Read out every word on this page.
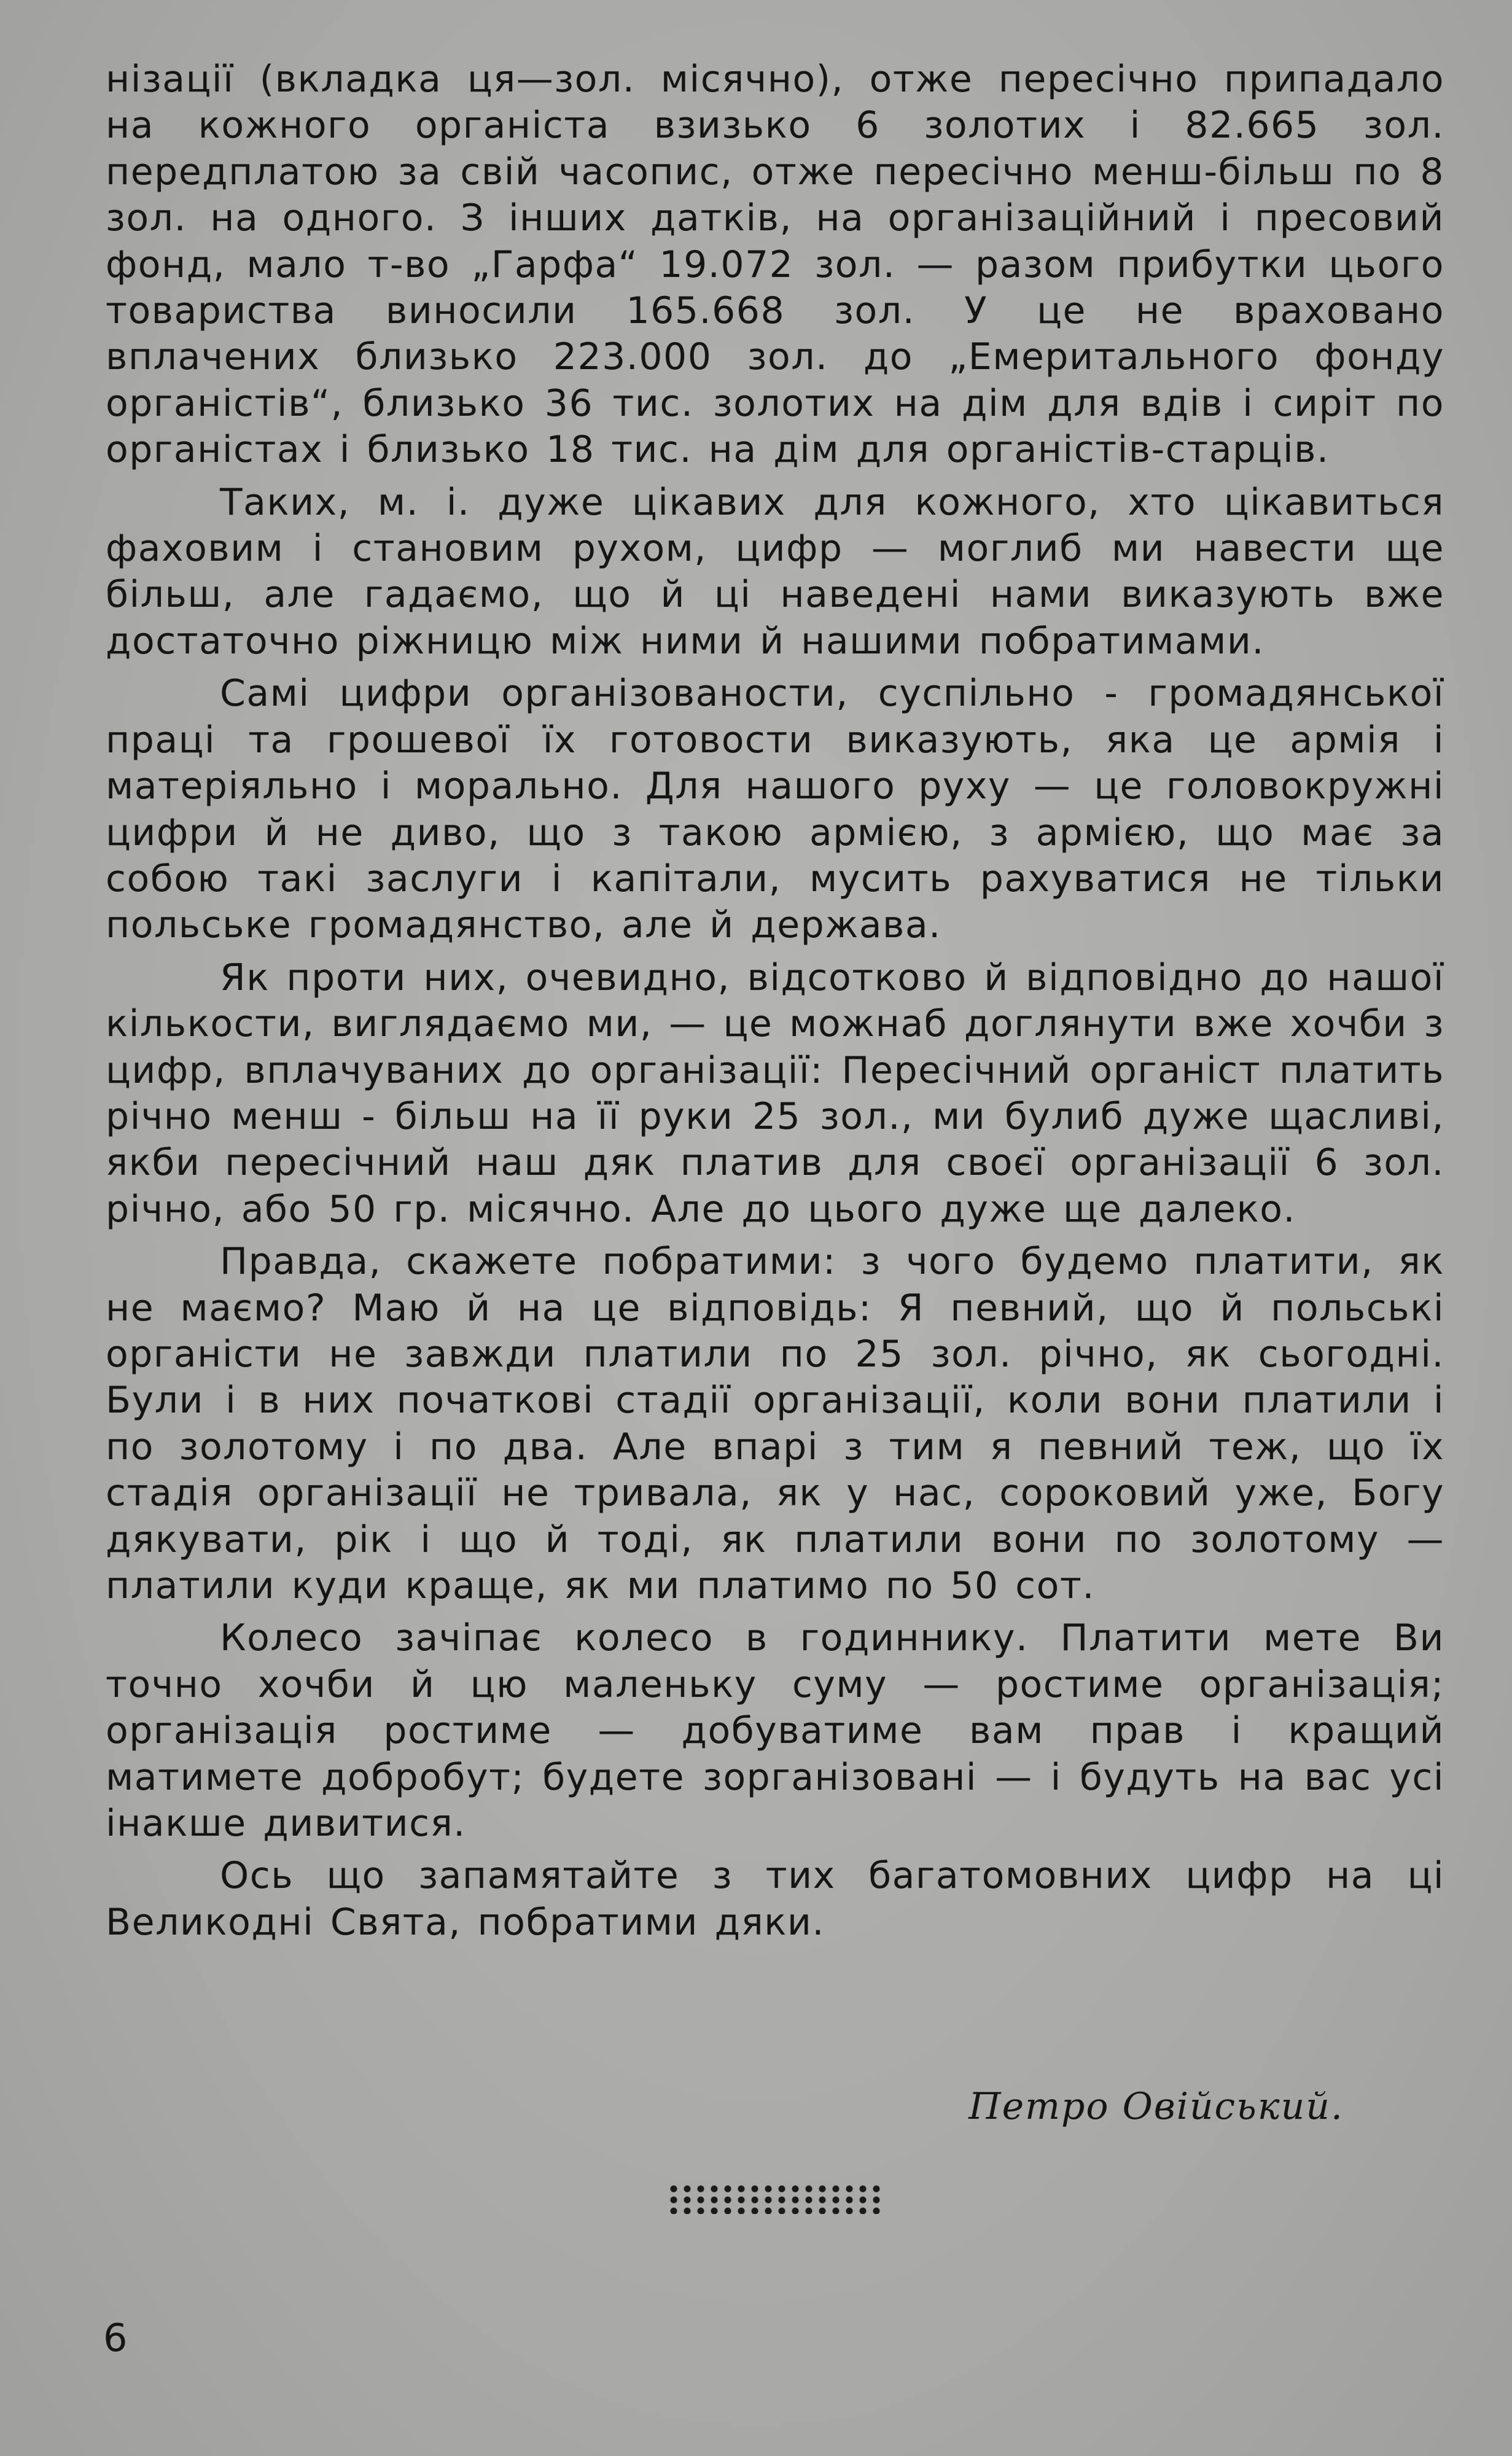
нізації (вкладка ця—зол. місячно), отже пересічно припадало на кожного органіста взизько 6 золотих і 82.665 зол. передплатою за свій часопис, отже пересічно менш-більш по 8 зол. на одного. З інших датків, на організаційний і пресовий фонд, мало т-во „Гарфа“ 19.072 зол. — разом прибутки цього товариства виносили 165.668 зол. У це не враховано вплачених близько 223.000 зол. до „Емеритального фонду органістів“, близько 36 тис. золотих на дім для вдів і сиріт по органістах і близько 18 тис. на дім для органістів-старців.

Таких, м. і. дуже цікавих для кожного, хто цікавиться фаховим і становим рухом, цифр — моглиб ми навести ще більш, але гадаємо, що й ці наведені нами виказують вже достаточно ріжницю між ними й нашими побратимами.

Самі цифри організованости, суспільно - громадянської праці та грошевої їх готовости виказують, яка це армія і матеріяльно і морально. Для нашого руху — це головокружні цифри й не диво, що з такою армією, з армією, що має за собою такі заслуги і капітали, мусить рахуватися не тільки польське громадянство, але й держава.

Як проти них, очевидно, відсотково й відповідно до нашої кількости, виглядаємо ми, — це можнаб доглянути вже хочби з цифр, вплачуваних до організації: Пересічний органіст платить річно менш - більш на її руки 25 зол., ми булиб дуже щасливі, якби пересічний наш дяк платив для своєї організації 6 зол. річно, або 50 гр. місячно. Але до цього дуже ще далеко.

Правда, скажете побратими: з чого будемо платити, як не маємо? Маю й на це відповідь: Я певний, що й польські органісти не завжди платили по 25 зол. річно, як сьогодні. Були і в них початкові стадії організації, коли вони платили і по золотому і по два. Але впарі з тим я певний теж, що їх стадія організації не тривала, як у нас, сороковий уже, Богу дякувати, рік і що й тоді, як платили вони по золотому — платили куди краще, як ми платимо по 50 сот.

Колесо зачіпає колесо в годиннику. Платити мете Ви точно хочби й цю маленьку суму — ростиме організація; організація ростиме — добуватиме вам прав і кращий матимете добробут; будете зорганізовані — і будуть на вас усі інакше дивитися.

Ось що запамятайте з тих багатомовних цифр на ці Великодні Свята, побратими дяки.

Петро Овійський.
6
